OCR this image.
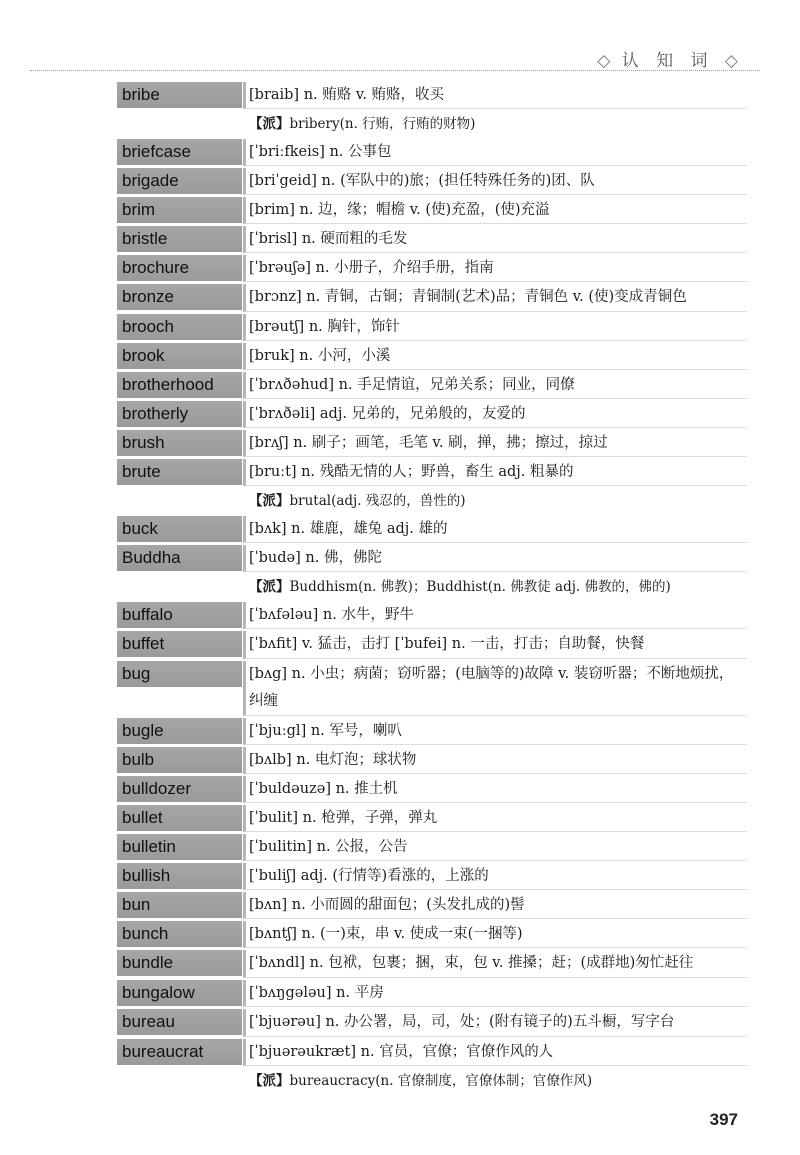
◇ 认 知 词 ◇
bribe	[braib] n. 贿赂 v. 贿赂，收买
【派】bribery(n. 行贿，行贿的财物)
briefcase	[ˈbriːfkeis] n. 公事包
brigade	[briˈgeid] n. (军队中的)旅；(担任特殊任务的)团、队
brim	[brim] n. 边，缘；帽檐 v. (使)充盈，(使)充溢
bristle	[ˈbrisl] n. 硬而粗的毛发
brochure	[ˈbrəuʃə] n. 小册子，介绍手册，指南
bronze	[brɔnz] n. 青铜，古铜；青铜制(艺术)品；青铜色 v. (使)变成青铜色
brooch	[brəutʃ] n. 胸针，饰针
brook	[bruk] n. 小河，小溪
brotherhood	[ˈbrʌðəhud] n. 手足情谊，兄弟关系；同业，同僚
brotherly	[ˈbrʌðəli] adj. 兄弟的，兄弟般的，友爱的
brush	[brʌʃ] n. 刷子；画笔，毛笔 v. 刷，掸，拂；擦过，掠过
brute	[bruːt] n. 残酷无情的人；野兽，畜生 adj. 粗暴的
【派】brutal(adj. 残忍的，兽性的)
buck	[bʌk] n. 雄鹿，雄兔 adj. 雄的
Buddha	[ˈbudə] n. 佛，佛陀
【派】Buddhism(n. 佛教)；Buddhist(n. 佛教徒 adj. 佛教的，佛的)
buffalo	[ˈbʌfələu] n. 水牛，野牛
buffet	[ˈbʌfit] v. 猛击，击打 [ˈbufei] n. 一击，打击；自助餐，快餐
bug	[bʌg] n. 小虫；病菌；窃听器；(电脑等的)故障 v. 装窃听器；不断地烦扰，纠缠
bugle	[ˈbjuːgl] n. 军号，喇叭
bulb	[bʌlb] n. 电灯泡；球状物
bulldozer	[ˈbuldəuzə] n. 推土机
bullet	[ˈbulit] n. 枪弹，子弹，弹丸
bulletin	[ˈbulitin] n. 公报，公告
bullish	[ˈbuliʃ] adj. (行情等)看涨的，上涨的
bun	[bʌn] n. 小而圆的甜面包；(头发扎成的)髻
bunch	[bʌntʃ] n. (一)束，串 v. 使成一束(一捆等)
bundle	[ˈbʌndl] n. 包袱，包裹；捆，束，包 v. 推搡；赶；(成群地)匆忙赶往
bungalow	[ˈbʌŋgələu] n. 平房
bureau	[ˈbjuərəu] n. 办公署，局，司，处；(附有镜子的)五斗橱，写字台
bureaucrat	[ˈbjuərəukræt] n. 官员，官僚；官僚作风的人
【派】bureaucracy(n. 官僚制度，官僚体制；官僚作风)
397
